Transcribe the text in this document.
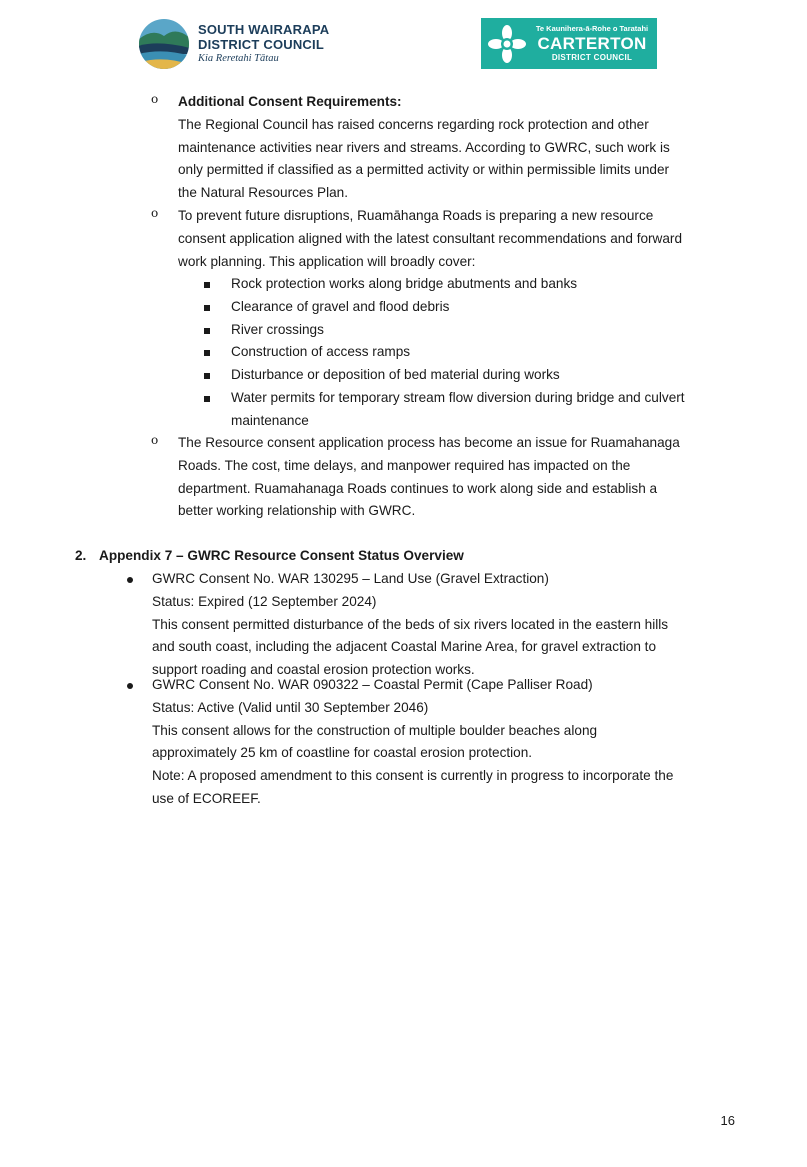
SOUTH WAIRARAPA
DISTRICT COUNCIL
Kia Reretahi Tātau
Te Kaunihera-ā-Rohe o Taratahi
CARTERTON
DISTRICT COUNCIL
o Additional Consent Requirements:
The Regional Council has raised concerns regarding rock protection and other
maintenance activities near rivers and streams. According to GWRC, such work is
only permitted if classified as a permitted activity or within permissible limits under
the Natural Resources Plan.
o To prevent future disruptions, Ruamāhanga Roads is preparing a new resource
consent application aligned with the latest consultant recommendations and forward
work planning. This application will broadly cover:
Rock protection works along bridge abutments and banks
Clearance of gravel and flood debris
River crossings
Construction of access ramps
Disturbance or deposition of bed material during works
Water permits for temporary stream flow diversion during bridge and culvert
maintenance
o The Resource consent application process has become an issue for Ruamahanaga
Roads. The cost, time delays, and manpower required has impacted on the
department. Ruamahanaga Roads continues to work along side and establish a
better working relationship with GWRC.
2. Appendix 7 – GWRC Resource Consent Status Overview
GWRC Consent No. WAR 130295 – Land Use (Gravel Extraction)
Status: Expired (12 September 2024)
This consent permitted disturbance of the beds of six rivers located in the eastern hills
and south coast, including the adjacent Coastal Marine Area, for gravel extraction to
support roading and coastal erosion protection works.
GWRC Consent No. WAR 090322 – Coastal Permit (Cape Palliser Road)
Status: Active (Valid until 30 September 2046)
This consent allows for the construction of multiple boulder beaches along
approximately 25 km of coastline for coastal erosion protection.
Note: A proposed amendment to this consent is currently in progress to incorporate the
use of ECOREEF.
16
